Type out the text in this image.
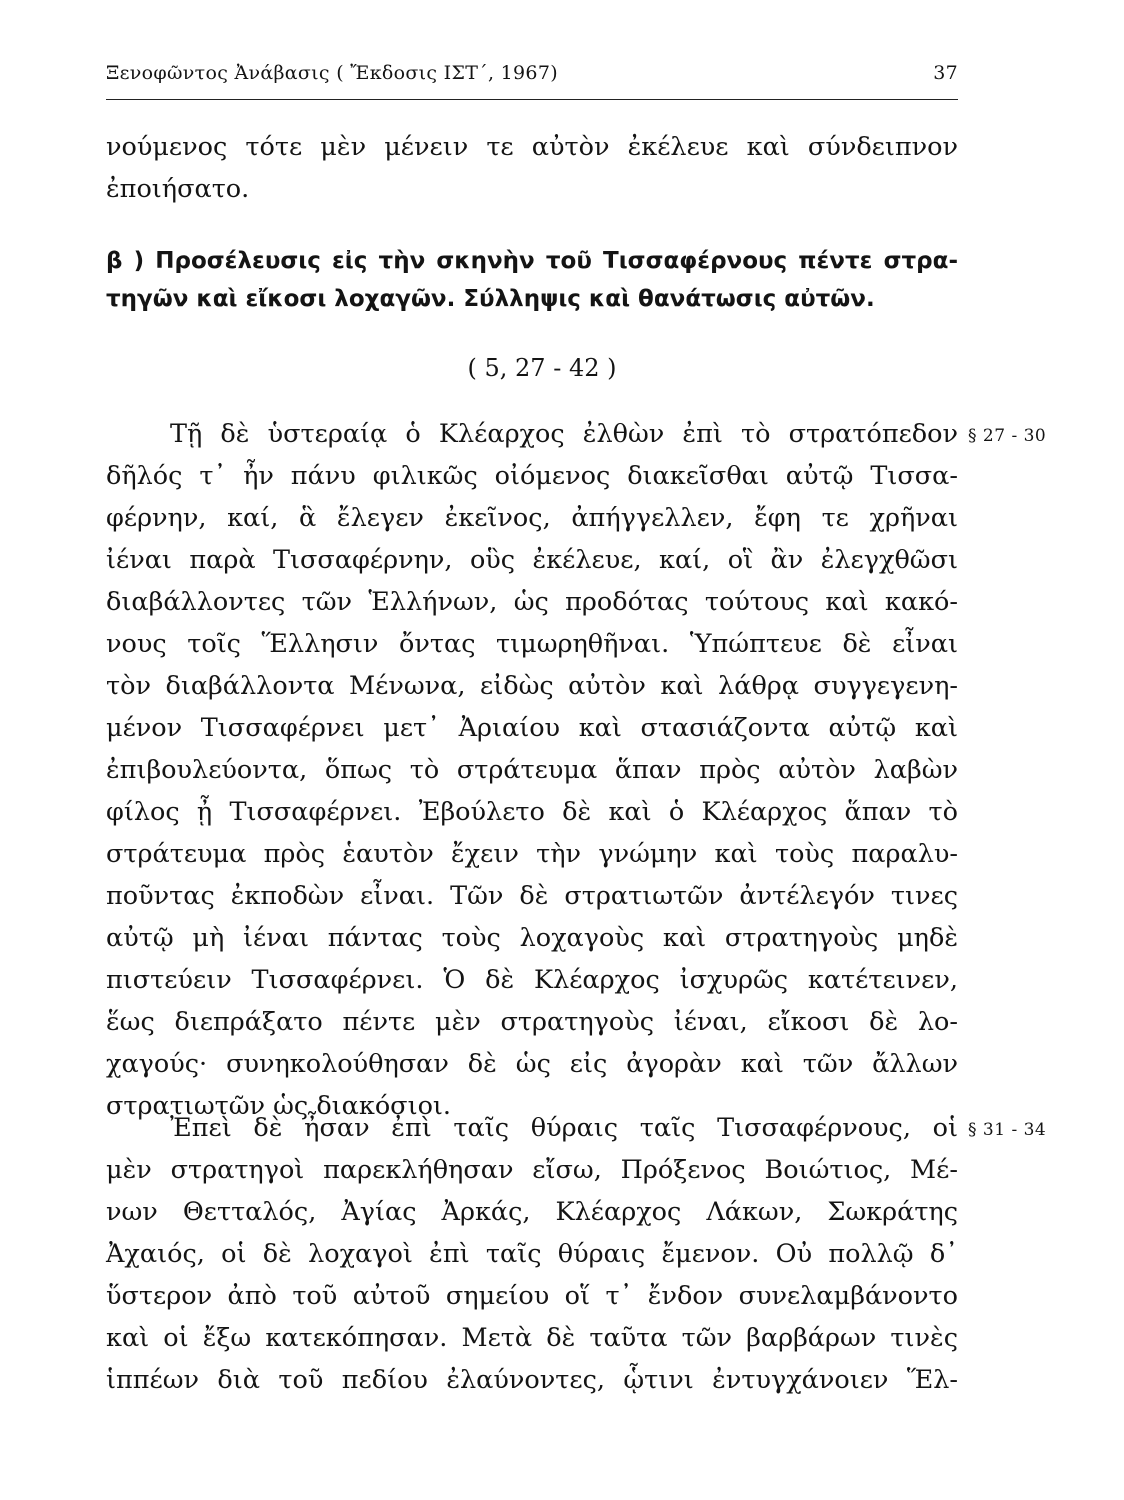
Ξενοφῶντος Ἀνάβασις ( Ἔκδοσις ΙΣΤ΄, 1967)	37
νούμενος τότε μὲν μένειν τε αὐτὸν ἐκέλευε καὶ σύνδειπνον
ἐποιήσατο.
β ) Προσέλευσις εἰς τὴν σκηνὴν τοῦ Τισσαφέρνους πέντε στρα-
τηγῶν καὶ εἴκοσι λοχαγῶν. Σύλληψις καὶ θανάτωσις αὐτῶν.
( 5, 27 - 42 )
Τῇ δὲ ὑστεραίᾳ ὁ Κλέαρχος ἐλθὼν ἐπὶ τὸ στρατόπεδον
δῆλός τ᾽ ἦν πάνυ φιλικῶς οἰόμενος διακεῖσθαι αὐτῷ Τισσα-
φέρνην, καί, ἃ ἔλεγεν ἐκεῖνος, ἀπήγγελλεν, ἔφη τε χρῆναι
ἰέναι παρὰ Τισσαφέρνην, οὓς ἐκέλευε, καί, οἳ ἂν ἐλεγχθῶσι
διαβάλλοντες τῶν Ἑλλήνων, ὡς προδότας τούτους καὶ κακό-
νους τοῖς Ἕλλησιν ὄντας τιμωρηθῆναι. Ὑπώπτευε δὲ εἶναι
τὸν διαβάλλοντα Μένωνα, εἰδὼς αὐτὸν καὶ λάθρᾳ συγγεγενη-
μένον Τισσαφέρνει μετ᾽ Ἀριαίου καὶ στασιάζοντα αὐτῷ καὶ
ἐπιβουλεύοντα, ὅπως τὸ στράτευμα ἅπαν πρὸς αὐτὸν λαβὼν
φίλος ᾖ Τισσαφέρνει. Ἐβούλετο δὲ καὶ ὁ Κλέαρχος ἅπαν τὸ
στράτευμα πρὸς ἑαυτὸν ἔχειν τὴν γνώμην καὶ τοὺς παραλυ-
ποῦντας ἐκποδὼν εἶναι. Τῶν δὲ στρατιωτῶν ἀντέλεγόν τινες
αὐτῷ μὴ ἰέναι πάντας τοὺς λοχαγοὺς καὶ στρατηγοὺς μηδὲ
πιστεύειν Τισσαφέρνει. Ὁ δὲ Κλέαρχος ἰσχυρῶς κατέτεινεν,
ἕως διεπράξατο πέντε μὲν στρατηγοὺς ἰέναι, εἴκοσι δὲ λο-
χαγούς· συνηκολούθησαν δὲ ὡς εἰς ἀγορὰν καὶ τῶν ἄλλων
στρατιωτῶν ὡς διακόσιοι.
Ἐπεὶ δὲ ἦσαν ἐπὶ ταῖς θύραις ταῖς Τισσαφέρνους, οἱ
μὲν στρατηγοὶ παρεκλήθησαν εἴσω, Πρόξενος Βοιώτιος, Μέ-
νων Θετταλός, Ἀγίας Ἀρκάς, Κλέαρχος Λάκων, Σωκράτης
Ἀχαιός, οἱ δὲ λοχαγοὶ ἐπὶ ταῖς θύραις ἔμενον. Οὐ πολλῷ δ᾽
ὕστερον ἀπὸ τοῦ αὐτοῦ σημείου οἵ τ᾽ ἔνδον συνελαμβάνοντο
καὶ οἱ ἔξω κατεκόπησαν. Μετὰ δὲ ταῦτα τῶν βαρβάρων τινὲς
ἱππέων διὰ τοῦ πεδίου ἐλαύνοντες, ᾧτινι ἐντυγχάνοιεν Ἕλ-
§ 27 - 30
§ 31 - 34
